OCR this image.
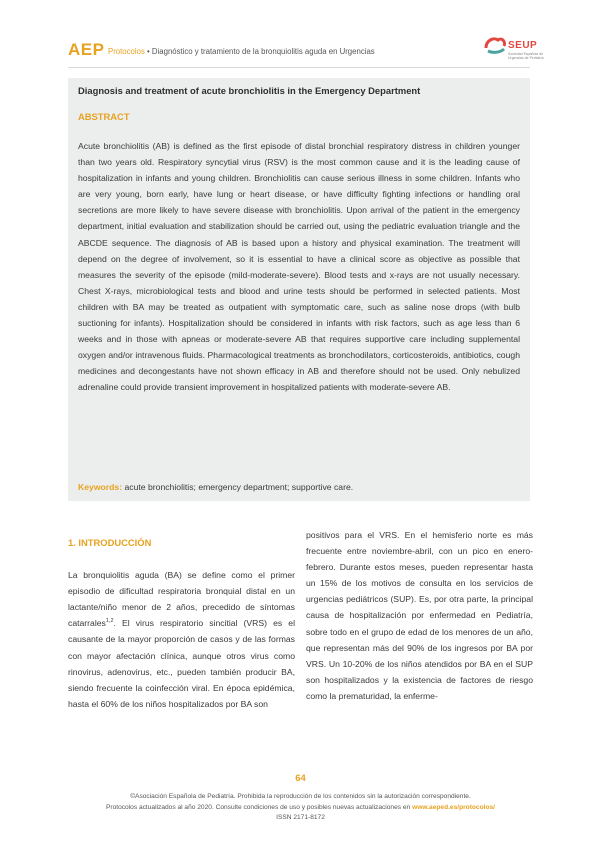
AEP Protocolos • Diagnóstico y tratamiento de la bronquiolitis aguda en Urgencias
SEUP
Sociedad Española de Urgencias de Pediatría
Diagnosis and treatment of acute bronchiolitis in the Emergency Department
ABSTRACT
Acute bronchiolitis (AB) is defined as the first episode of distal bronchial respiratory distress in children younger than two years old. Respiratory syncytial virus (RSV) is the most common cause and it is the leading cause of hospitalization in infants and young children. Bronchiolitis can cause serious illness in some children. Infants who are very young, born early, have lung or heart disease, or have difficulty fighting infections or handling oral secretions are more likely to have severe disease with bronchiolitis. Upon arrival of the patient in the emergency department, initial evaluation and stabilization should be carried out, using the pediatric evaluation triangle and the ABCDE sequence. The diagnosis of AB is based upon a history and physical examination. The treatment will depend on the degree of involvement, so it is essential to have a clinical score as objective as possible that measures the severity of the episode (mild-moderate-severe). Blood tests and x-rays are not usually necessary. Chest X-rays, microbiological tests and blood and urine tests should be performed in selected patients. Most children with BA may be treated as outpatient with symptomatic care, such as saline nose drops (with bulb suctioning for infants). Hospitalization should be considered in infants with risk factors, such as age less than 6 weeks and in those with apneas or moderate-severe AB that requires supportive care including supplemental oxygen and/or intravenous fluids. Pharmacological treatments as bronchodilators, corticosteroids, antibiotics, cough medicines and decongestants have not shown efficacy in AB and therefore should not be used. Only nebulized adrenaline could provide transient improvement in hospitalized patients with moderate-severe AB.
Keywords: acute bronchiolitis; emergency department; supportive care.
1. INTRODUCCIÓN

La bronquiolitis aguda (BA) se define como el primer episodio de dificultad respiratoria bronquial distal en un lactante/niño menor de 2 años, precedido de síntomas catarrales$^{1,2}$. El virus respiratorio sincitial (VRS) es el causante de la mayor proporción de casos y de las formas con mayor afectación clínica, aunque otros virus como rinovirus, adenovirus, etc., pueden también producir BA, siendo frecuente la coinfección viral. En época epidémica, hasta el 60% de los niños hospitalizados por BA son

positivos para el VRS. En el hemisferio norte es más frecuente entre noviembre-abril, con un pico en enero-febrero. Durante estos meses, pueden representar hasta un 15% de los motivos de consulta en los servicios de urgencias pediátricos (SUP). Es, por otra parte, la principal causa de hospitalización por enfermedad en Pediatría, sobre todo en el grupo de edad de los menores de un año, que representan más del 90% de los ingresos por BA por VRS. Un 10-20% de los niños atendidos por BA en el SUP son hospitalizados y la existencia de factores de riesgo como la prematuridad, la enferme-

64
©Asociación Española de Pediatría. Prohibida la reproducción de los contenidos sin la autorización correspondiente.
Protocolos actualizados al año 2020. Consulte condiciones de uso y posibles nuevas actualizaciones en www.aeped.es/protocolos/
ISSN 2171-8172
